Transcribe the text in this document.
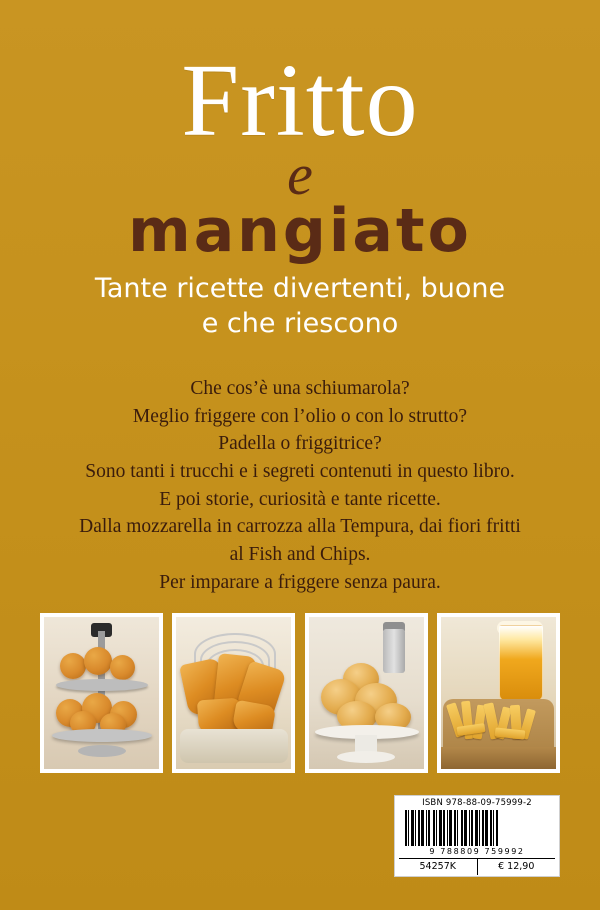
Fritto
e
mangiato
Tante ricette divertenti, buone
e che riescono
Che cos’è una schiumarola?
Meglio friggere con l’olio o con lo strutto?
Padella o friggitrice?
Sono tanti i trucchi e i segreti contenuti in questo libro.
E poi storie, curiosità e tante ricette.
Dalla mozzarella in carrozza alla Tempura, dai fiori fritti
al Fish and Chips.
Per imparare a friggere senza paura.
ISBN 978-88-09-75999-2
9 788809 759992
54257K	€ 12,90
